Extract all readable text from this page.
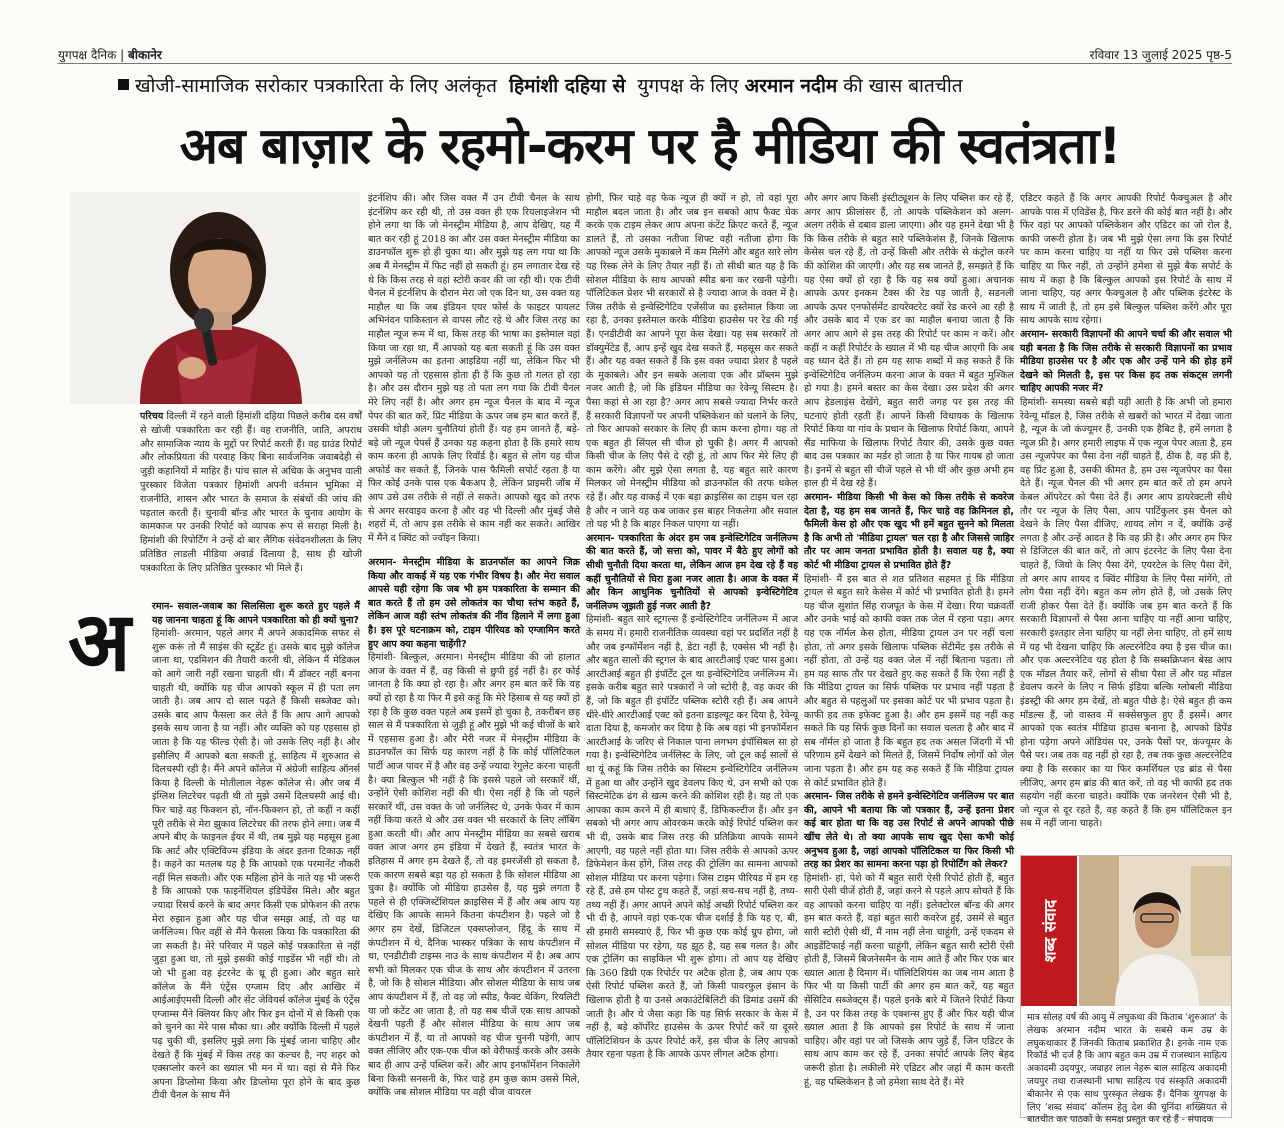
युगपक्ष दैनिक | बीकानेर	रविवार 13 जुलाई 2025 पृष्ठ-5
खोजी-सामाजिक सरोकार पत्रकारिता के लिए अलंकृत हिमांशी दहिया से युगपक्ष के लिए अरमान नदीम की खास बातचीत
अब बाज़ार के रहमो-करम पर है मीडिया की स्वतंत्रता!
परिचय दिल्ली में रहने वाली हिमांशी दहिया पिछले करीब दस वर्षों से खोजी पत्रकारिता कर रही हैं। वह राजनीति, जाति, अपराध और सामाजिक न्याय के मुद्दों पर रिपोर्ट करती हैं। वह ग्राउंड रिपोर्ट और लोकप्रियता की परवाह किए बिना सार्वजनिक जवाबदेही से जुड़ी कहानियों में माहिर हैं। पांच साल से अधिक के अनुभव वाली पुरस्कार विजेता पत्रकार हिमांशी अपनी वर्तमान भूमिका में राजनीति, शासन और भारत के समाज के संबंधों की जांच की पड़ताल करती हैं। चुनावी बॉन्ड और भारत के चुनाव आयोग के कामकाज पर उनकी रिपोर्ट को व्यापक रूप से सराहा मिली है। हिमांशी की रिपोर्टिंग ने उन्हें दो बार लैंगिक संवेदनशीलता के लिए प्रतिष्ठित लाडली मीडिया अवार्ड दिलाया है, साथ ही खोजी पत्रकारिता के लिए प्रतिष्ठित पुरस्कार भी मिले हैं।
अ	रमान- सवाल-जवाब का सिलसिला शुरू करते हुए पहले मैं यह जानना चाहता हूं कि आपने पत्रकारिता को ही क्यों चुना?

हिमांशी- अरमान, पहले अगर मैं अपने अकादमिक सफर से शुरू करूं तो मैं साइंस की स्टूडेंट हूं। उसके बाद मुझे कॉलेज जाना था, एडमिशन की तैयारी करनी थी, लेकिन मैं मेडिकल को आगे जारी नहीं रखना चाहती थी। मैं डॉक्टर नहीं बनना चाहती थी, क्योंकि यह चीज आपको स्कूल में ही पता लग जाती है। जब आप दो साल पढ़ते हैं किसी सब्जेक्ट को। उसके बाद आप फैसला कर लेते हैं कि आप आगे आपको इसके साथ जाना है या नहीं। और व्यक्ति को यह एहसास हो जाता है कि यह फील्ड ऐसी है। जो उसके लिए नहीं है। और इसीलिए मैं आपको बता सकती हूं, साहित्य में शुरुआत से दिलचस्पी रही है। मैंने अपने कॉलेज में अंग्रेजी साहित्य ऑनर्स किया है दिल्ली के मोतीलाल नेहरू कॉलेज से। और जब मैं इंग्लिश लिटरेचर पढ़ती थी तो मुझे उसमें दिलचस्पी आई थी। फिर चाहे वह फिक्शन हो, नॉन-फिक्शन हो, तो कहीं न कहीं पूरी तरीके से मेरा झुकाव लिटरेचर की तरफ होने लगा। जब मैं अपने बीए के फाइनल ईयर में थी, तब मुझे यह महसूस हुआ कि आर्ट और एक्टिविज्म इंडिया के अंदर इतना टिकाऊ नहीं है। कहने का मतलब यह है कि आपको एक परमानेंट नौकरी नहीं मिल सकती। और एक महिला होने के नाते यह भी जरूरी है कि आपको एक फाइनेंशियल इंडिपेंडेंस मिले। और बहुत ज्यादा रिसर्च करने के बाद अगर किसी एक प्रोफेशन की तरफ मेरा रुझान हुआ और यह चीज समझ आई, तो वह था जर्नलिज्म। फिर वहीं से मैंने फैसला किया कि पत्रकारिता की जा सकती है। मेरे परिवार में पहले कोई पत्रकारिता से नहीं जुड़ा हुआ था, तो मुझे इसकी कोई गाइडेंस भी नहीं थी। तो जो भी हुआ वह इंटरनेट के थ्रू ही हुआ। और बहुत सारे कॉलेज के मैंने एंट्रेंस एग्जाम दिए और आखिर में आईआईएमसी दिल्ली और सेंट जेवियर्स कॉलेज मुंबई के एंट्रेंस एग्जाम्स मैंने क्लियर किए और फिर इन दोनों में से किसी एक को चुनने का मेरे पास मौका था। और क्योंकि दिल्ली में पहले पढ़ चुकी थी, इसलिए मुझे लगा कि मुंबई जाना चाहिए और देखते हैं कि मुंबई में किस तरह का कल्चर है, नए शहर को एक्सप्लोर करने का ख्याल भी मन में था। वहां से मैंने फिर अपना डिप्लोमा किया और डिप्लोमा पूरा होने के बाद कुछ टीवी चैनल के साथ मैंने

इंटर्नशिप की। और जिस वक्त मैं उन टीवी चैनल के साथ इंटर्नशिप कर रही थी, तो उस वक्त ही एक रियलाइजेशन भी होने लगा था कि जो मेनस्ट्रीम मीडिया है, आप देखिए, यह मैं बात कर रही हूं 2018 का और उस वक्त मेनस्ट्रीम मीडिया का डाउनफॉल शुरू हो ही चुका था। और मुझे यह लग गया था कि अब मैं मेनस्ट्रीम में फिट नहीं हो सकती हूं। हम लगातार देख रहे थे कि किस तरह से वहां स्टोरी कवर की जा रही थी। एक टीवी चैनल में इंटर्नशिप के दौरान मेरा जो एक दिन था, उस वक्त यह माहौल था कि जब इंडियन एयर फोर्स के फाइटर पायलट अभिनंदन पाकिस्तान से वापस लौट रहे थे और जिस तरह का माहौल न्यूज रूम में था, किस तरह की भाषा का इस्तेमाल वहां किया जा रहा था, मैं आपको यह बता सकती हूं कि उस वक्त मुझे जर्नलिज्म का इतना आइडिया नहीं था, लेकिन फिर भी आपको यह तो एहसास होता ही है कि कुछ तो गलत हो रहा है। और उस दौरान मुझे यह तो पता लग गया कि टीवी चैनल मेरे लिए नहीं है। और अगर हम न्यूज चैनल के बाद में न्यूज पेपर की बात करें, प्रिंट मीडिया के ऊपर जब हम बात करते हैं, उसकी थोड़ी अलग चुनौतियां होती हैं। यह हम जानते हैं, बड़े-बड़े जो न्यूज पेपर्स हैं उनका यह कहना होता है कि हमारे साथ काम करना ही आपके लिए रिवॉर्ड है। बहुत से लोग यह चीज अफोर्ड कर सकते हैं, जिनके पास फैमिली सपोर्ट रहता है या फिर कोई उनके पास एक बैकअप है, लेकिन प्राइमरी जॉब में आप उसे उस तरीके से नहीं ले सकते। आपको खुद को तरफ से अगर सरवाइव करना है और वह भी दिल्ली और मुंबई जैसे शहरों में, तो आप इस तरीके से काम नहीं कर सकते। आखिर में मैंने द क्विंट को ज्वॉइन किया।

अरमान- मेनस्ट्रीम मीडिया के डाउनफॉल का आपने जिक्र किया और वाकई में यह एक गंभीर विषय है। और मेरा सवाल आपसे यही रहेगा कि जब भी हम पत्रकारिता के सम्मान की बात करते हैं तो हम उसे लोकतंत्र का चौथा स्तंभ कहते हैं, लेकिन आज वही स्तंभ लोकतंत्र की नींव हिलाने में लगा हुआ है। इस पूरे घटनाक्रम को, टाइम पीरियड को एग्जामिन करते हुए आप क्या कहना चाहेंगी?

हिमांशी- बिल्कुल, अरमान। मेनस्ट्रीम मीडिया की जो हालात आज के वक्त में हैं, वह किसी से छुपी हुई नहीं है। हर कोई जानता है कि क्या हो रहा है। और अगर हम बात करें कि यह क्यों हो रहा है या फिर मैं इसे कहूं कि मेरे हिसाब से यह क्यों हो रहा है कि कुछ वक्त पहले अब इसमें हो चुका है, तकरीबन छह साल से मैं पत्रकारिता से जुड़ी हूं और मुझे भी कई चीजों के बारे में एहसास हुआ है। और मेरी नजर में मेनस्ट्रीम मीडिया के डाउनफॉल का सिर्फ यह कारण नहीं है कि कोई पॉलिटिकल पार्टी आज पावर में है और वह उन्हें ज्यादा रेगुलेट करना चाहती है। क्या बिल्कुल भी नहीं है कि इससे पहले जो सरकारें थीं, उन्होंने ऐसी कोशिश नहीं की थी। ऐसा नहीं है कि जो पहले सरकारें थीं, उस वक्त के जो जर्नलिस्ट थे, उनके फेवर में काम नहीं किया करते थे और उस वक्त भी सरकारों के लिए लॉबिंग हुआ करती थी। और आप मेनस्ट्रीम मीडिया का सबसे खराब वक्त आज अगर हम इंडिया में देखते हैं, स्वतंत्र भारत के इतिहास में अगर हम देखते हैं, तो वह इमरजेंसी हो सकता है, एक कारण सबसे बड़ा यह हो सकता है कि सोशल मीडिया आ चुका है। क्योंकि जो मीडिया हाउसेस हैं, यह मुझे लगता है पहले से ही एक्जिस्टेंशियल क्राइसिस में हैं और अब आप यह देखिए कि आपके सामने कितना कंपटीशन है। पहले जो है अगर हम देखें, डिजिटल एक्सप्लोजन, हिंदू के साथ में कंपटीशन में थे, दैनिक भास्कर पत्रिका के साथ कंपटीशन में था, एनडीटीवी टाइम्स नाउ के साथ कंपटीशन में है। अब आप सभी को मिलकर एक चीज के साथ और कंपटीशन में उतरना है, जो कि है सोशल मीडिया। और सोशल मीडिया के साथ जब आप कंपटीशन में हैं, तो वह जो स्पीड, फैक्ट चेकिंग, रियलिटी या जो कंटेंट आ जाता है, तो यह सब चीजें एक साथ आपको देखनी पड़ती हैं और सोशल मीडिया के साथ आप जब कंपटीशन में हैं, या तो आपको वह चीज चुननी पड़ेगी, आप वक्त लीजिए और एक-एक चीज को वेरीफाई करके और उसके बाद ही आप उन्हें पब्लिश करें। और आप इनफॉर्मेशन निकालेंगे बिना किसी सनसनी के, फिर चाहे हम कुछ काम उससे मिले, क्योंकि जब सोशल मीडिया पर वही चीज वायरल

होगी, फिर चाहे वह फेक न्यूज ही क्यों न हो, तो वहां पूरा माहौल बदल जाता है। और जब इन सबको आप फैक्ट चेक करके एक टाइम लेकर आप अपना कंटेंट क्रिएट करते हैं, न्यूज डालते हैं, तो उसका नतीजा शिफ्ट वही नतीजा होगा कि आपको न्यूज उसके मुकाबले में कम मिलेंगे और बहुत सारे लोग यह रिस्क लेने के लिए तैयार नहीं हैं। तो सीधी बात यह है कि सोशल मीडिया के साथ आपको स्पीड बना कर रखनी पड़ेगी। पॉलिटिकल प्रेशर भी सरकारों से है ज्यादा आज के वक्त में है। जिस तरीके से इन्वेस्टिगेटिव एजेंसीज का इस्तेमाल किया जा रहा है, उनका इस्तेमाल करके मीडिया हाउसेस पर रेड की गई हैं। एनडीटीवी का आपने पूरा केस देखा। यह सब सरकारें तो डॉक्युमेंटेड हैं, आप इन्हें खुद देख सकते हैं, महसूस कर सकते हैं। और यह वक्त सकते हैं कि इस वक्त ज्यादा प्रेशर है पहले के मुकाबले। और इन सबके अलावा एक और प्रॉब्लम मुझे नजर आती है, जो कि इंडियन मीडिया का रेवेन्यू सिस्टम है। पैसा कहां से आ रहा है? अगर आप सबसे ज्यादा निर्भर करते हैं सरकारी विज्ञापनों पर अपनी पब्लिकेशन को चलाने के लिए, तो फिर आपको सरकार के लिए ही काम करना होगा। यह तो एक बहुत ही सिंपल सी चीज हो चुकी है। अगर मैं आपको किसी चीज के लिए पैसे दे रही हूं, तो आप फिर मेरे लिए ही काम करेंगे। और मुझे ऐसा लगता है, यह बहुत सारे कारण मिलकर जो मेनस्ट्रीम मीडिया को डाउनफॉल की तरफ धकेल रहे हैं। और यह वाकई में एक बड़ा क्राइसिस का टाइम चल रहा है और न जाने यह कब जाकर इस बाहर निकलेगा और सवाल तो यह भी है कि बाहर निकल पाएगा या नहीं।

अरमान- पत्रकारिता के अंदर हम जब इन्वेस्टिगेटिव जर्नलिज्म की बात करते हैं, जो सत्ता को, पावर में बैठे हुए लोगों को सीधी चुनौती दिया करता था, लेकिन आज हम देख रहे हैं वह कहीं चुनौतियों से घिरा हुआ नजर आता है। आज के वक्त में और किन आधुनिक चुनौतियों से आपको इन्वेस्टिगेटिव जर्नलिज्म जूझती हुई नजर आती है?

हिमांशी- बहुत सारे स्ट्रगल्स हैं इन्वेस्टिगेटिव जर्नलिज्म में आज के समय में। हमारी राजनीतिक व्यवस्था वहां पर प्रदर्शित नहीं है और जब इन्फॉर्मेशन नहीं है, डेटा नहीं है, एक्सेस भी नहीं है। और बहुत सालों की स्ट्रगल के बाद आरटीआई एक्ट पास हुआ। आरटीआई बहुत ही इंपॉर्टेंट टूल था इन्वेस्टिगेटिव जर्नलिज्म में। इसके करीब बहुत सारे पत्रकारों ने जो स्टोरी है, वह कवर की हैं, जो कि बहुत ही इंपॉर्टेंट पब्लिक स्टोरी रही हैं। अब आपने धीरे-धीरे आरटीआई एक्ट को इतना डाइल्यूट कर दिया है, रेवेन्यू दाता दिया है, कमजोर कर दिया है कि अब वहां भी इनफॉर्मेशन आरटीआई के जरिए से निकाल पाना लगभग इंपॉसिबल सा हो गया है। इन्वेस्टिगेटिव जर्नलिस्ट के लिए, जो टूल कई सालों से था यूं कहूं कि जिस तरीके का सिस्टम इन्वेस्टिगेटिव जर्नलिज्म में हुआ था और उन्होंने खुद डेवलप किए थे, उन सभी को एक सिस्टमेटिक ढंग से खत्म करने की कोशिश रही है। यह तो एक आपका काम करने में ही बाधाएं हैं, डिफिकल्टीज हैं। और इन सबको भी अगर आप ओवरकम करके कोई रिपोर्ट पब्लिश कर भी दी, उसके बाद जिस तरह की प्रतिक्रिया आपके सामने आएगी, वह पहले नहीं होता था। जिस तरीके से आपको ऊपर डिफेमेशन केस होंगे, जिस तरह की ट्रोलिंग का सामना आपको सोशल मीडिया पर करना पड़ेगा। जिस टाइम पीरियड में हम रह रहे हैं, उसे हम पोस्ट ट्रुथ कहते हैं, जहां सच-सच नहीं है, तथ्य-तथ्य नहीं हैं। अगर आपने अपने कोई अच्छी रिपोर्ट पब्लिश कर भी दी है, आपने वहां एक-एक चीज दर्शाई है कि यह ए, बी, सी हमारी समस्याएं हैं, फिर भी कुछ एक कोई ग्रुप होगा, जो सोशल मीडिया पर रहेगा, यह झूठ है, यह सब गलत है। और एक ट्रोलिंग का साइकिल भी शुरू होगा। तो आप यह देखिए कि 360 डिग्री एक रिपोर्टर पर अटैक होता है, जब आप एक ऐसी रिपोर्ट पब्लिश करते हैं, जो किसी पावरफुल इंसान के खिलाफ होती है या उनसे अकाउंटेबिलिटी की डिमांड उसमें की जाती है। और ये जैसा कहा कि यह सिर्फ सरकार के केस में नहीं है, बड़े कॉर्पोरेट हाउसेस के ऊपर रिपोर्ट करें या दूसरे पॉलिटिशियन के ऊपर रिपोर्ट करें, इस चीज के लिए आपको तैयार रहना पड़ता है कि आपके ऊपर लीगल अटैक होगा।

और अगर आप किसी इंस्टीट्यूशन के लिए पब्लिश कर रहे हैं, अगर आप फ्रीलांसर हैं, तो आपके पब्लिकेशन को अलग-अलग तरीके से दबाव डाला जाएगा। और यह हमने देखा भी है कि किस तरीके से बहुत सारे पब्लिकेशंस हैं, जिनके खिलाफ केसेस चल रहे हैं, तो उन्हें किसी और तरीके से कंट्रोल करने की कोशिश की जाएगी। और यह सब जानते हैं, समझते हैं कि यह ऐसा क्यों हो रहा है कि यह सब क्यों हुआ। अचानक आपके ऊपर इनकम टैक्स की रेड पड़ जाती है, सडनली आपके ऊपर एनफोर्समेंट डायरेक्टरेट क्यों रेड करने आ रही है और उसके बाद में एक डर का माहौल बनाया जाता है कि अगर आप आगे से इस तरह की रिपोर्ट पर काम न करें। और कहीं न कहीं रिपोर्टर के ख्याल में भी यह चीज आएगी कि अब वह ध्यान देते हैं। तो हम यह साफ शब्दों में कह सकते हैं कि इन्वेस्टिगेटिव जर्नलिज्म करना आज के वक्त में बहुत मुश्किल हो गया है। हमने बस्तर का केस देखा। उस प्रदेश की अगर आप हेडलाइंस देखेंगे, बहुत सारी जगह पर इस तरह की घटनाएं होती रहती हैं। आपने किसी विधायक के खिलाफ रिपोर्ट किया या गांव के प्रधान के खिलाफ रिपोर्ट किया, आपने सैंड माफिया के खिलाफ रिपोर्ट तैयार की, उसके कुछ वक्त बाद उस पत्रकार का मर्डर हो जाता है या फिर गायब हो जाता है। इनमें से बहुत सी चीजें पहले से भी थीं और कुछ अभी हम हाल ही में देख रहे हैं।

अरमान- मीडिया किसी भी केस को किस तरीके से कवरेज देता है, यह हम सब जानते हैं, फिर चाहे वह क्रिमिनल हो, फैमिली केस हो और एक खुद भी हमें बहुत सुनने को मिलता है कि अभी तो 'मीडिया ट्रायल' चल रहा है और जिससे जाहिर तौर पर आम जनता प्रभावित होती है। सवाल यह है, क्या कोर्ट भी मीडिया ट्रायल से प्रभावित होते हैं?

हिमांशी- मैं इस बात से शत प्रतिशत सहमत हूं कि मीडिया ट्रायल से बहुत सारे केसेस में कोर्ट भी प्रभावित होती है। हमने यह चीज सुशांत सिंह राजपूत के केस में देखा। रिया चक्रवर्ती और उनके भाई को काफी वक्त तक जेल में रहना पड़ा। अगर यह एक नॉर्मल केस होता, मीडिया ट्रायल उन पर नहीं चला होता, तो अगर इसके खिलाफ पब्लिक सेंटीमेंट इस तरीके से नहीं होता, तो उन्हें यह वक्त जेल में नहीं बिताना पड़ता। तो हम यह साफ तौर पर देखते हुए कह सकते हैं कि ऐसा नहीं है कि मीडिया ट्रायल का सिर्फ पब्लिक पर प्रभाव नहीं पड़ता है और बहुत से पहलुओं पर इसका कोर्ट पर भी प्रभाव पड़ता है। काफी हद तक इफेक्ट हुआ है। और हम इसमें यह नहीं कह सकते कि यह सिर्फ कुछ दिनों का सवाल चलता है और बाद में सब नॉर्मल हो जाता है कि बहुत हद तक असल जिंदगी में भी परिणाम हमें देखने को मिलते हैं, जिसमें निर्दोष लोगों को जेल जाना पड़ता है। और हम यह कह सकते हैं कि मीडिया ट्रायल से कोर्ट प्रभावित होते हैं।

अरमान- जिस तरीके से हमने इन्वेस्टिगेटिव जर्नलिज्म पर बात की, आपने भी बताया कि जो पत्रकार हैं, उन्हें इतना प्रेशर कई बार होता था कि वह उस रिपोर्ट से अपने आपको पीछे खींच लेते थे। तो क्या आपके साथ खुद ऐसा कभी कोई अनुभव हुआ है, जहां आपको पॉलिटिकल या फिर किसी भी तरह का प्रेशर का सामना करना पड़ा हो रिपोर्टिंग को लेकर?

हिमांशी- हां, पेशे को मैं बहुत सारी ऐसी रिपोर्ट होती हैं, बहुत सारी ऐसी चीजें होती हैं, जहां करने से पहले आप सोचते हैं कि वह आपको करना चाहिए या नहीं। इलेक्टोरल बॉन्ड की अगर हम बात करते हैं, वहां बहुत सारी कवरेज हुई, उसमें से बहुत सारी स्टोरी ऐसी थीं, मैं नाम नहीं लेना चाहूंगी, उन्हें एकदम से आइडेंटिफाई नहीं करना चाहूंगी, लेकिन बहुत सारी स्टोरी ऐसी होती हैं, जिसमें बिजनेसमैन के नाम आते हैं और फिर एक बार ख्याल आता है दिमाग में। पॉलिटिशियंस का जब नाम आता है फिर भी या किसी पार्टी की अगर हम बात करें, यह बहुत सेंसिटिव सब्जेक्ट्स हैं। पहले इनके बारे में जितने रिपोर्ट किया है, उन पर किस तरह के एक्शन्स हुए हैं और फिर यही चीज ख्याल आता है कि आपको इस रिपोर्ट के साथ में जाना चाहिए। और वहां पर जो जिसके आप जुड़े हैं, जिन एडिटर के साथ आप काम कर रहे हैं, उनका सपोर्ट आपके लिए बेहद जरूरी होता है। लकीली मेरे एडिटर और जहां मैं काम करती हूं, वह पब्लिकेशन है जो हमेशा साथ देते हैं। मेरे

एडिटर कहते हैं कि अगर आपकी रिपोर्ट फैक्चुअल है और आपके पास में एविडेंस है, फिर डरने की कोई बात नहीं है। और फिर वहां पर आपको पब्लिकेशन और एडिटर का जो रोल है, काफी जरूरी होता है। जब भी मुझे ऐसा लगा कि इस रिपोर्ट पर काम करना चाहिए या नहीं या फिर उसे पब्लिश करना चाहिए या फिर नहीं, तो उन्होंने हमेशा से मुझे बैक सपोर्ट के साथ में कहा है कि बिल्कुल आपको इस रिपोर्ट के साथ में जाना चाहिए, यह अगर फैक्चुअल है और पब्लिक इंटरेस्ट के साथ में जाती है, तो हम इसे बिल्कुल पब्लिश करेंगे और पूरा साथ आपके साथ रहेगा।

अरमान- सरकारी विज्ञापनों की आपने चर्चा की और सवाल भी यही बनता है कि जिस तरीके से सरकारी विज्ञापनों का प्रभाव मीडिया हाउसेस पर है और एक और उन्हें पाने की होड़ हमें देखने को मिलती है, इस पर किस हद तक संकट्स लगनी चाहिए आपकी नजर में?

हिमांशी- समस्या सबसे बड़ी यही आती है कि अभी जो हमारा रेवेन्यू मॉडल है, जिस तरीके से खबरों को भारत में देखा जाता है, न्यूज के जो कंज्यूमर हैं, उनकी एक हैबिट है, हमें लगता है न्यूज फ्री है। अगर हमारी लाइफ में एक न्यूज पेपर आता है, हम उस न्यूजपेपर का पैसा देना नहीं चाहते हैं, ठीक है, वह फ्री है, वह प्रिंट हुआ है, उसकी कीमत है, हम उस न्यूजपेपर का पैसा देते हैं। न्यूज चैनल की भी अगर हम बात करें तो हम अपने केबल ऑपरेटर को पैसा देते हैं। अगर आप डायरेक्टली सीधे तौर पर न्यूज के लिए पैसा, आप पार्टिकुलर इस चैनल को देखने के लिए पैसा दीजिए, शायद लोग न दें, क्योंकि उन्हें लगता है और उन्हें आदत है कि वह फ्री है। और अगर हम फिर से डिजिटल की बात करें, तो आप इंटरनेट के लिए पैसा देना चाहते हैं, जियो के लिए पैसा देंगे, एयरटेल के लिए पैसा देंगे, तो अगर आप शायद द क्विंट मीडिया के लिए पैसा मांगेंगे, तो लोग पैसा नहीं देंगे। बहुत कम लोग होते हैं, जो उसके लिए राजी होकर पैसा देते हैं। क्योंकि जब हम बात करते हैं कि सरकारी विज्ञापनों से पैसा आना चाहिए या नहीं आना चाहिए, सरकारी इश्तहार लेना चाहिए या नहीं लेना चाहिए, तो हमें साथ में यह भी देखना चाहिए कि अल्टरनेटिव क्या है इस चीज का। और एक अल्टरनेटिव यह होता है कि सब्सक्रिप्शन बेस्ड आप एक मॉडल तैयार करें, लोगों से सीधा पैसा लें और यह मॉडल डेवलप करने के लिए न सिर्फ इंडिया बल्कि ग्लोबली मीडिया इंडस्ट्री की अगर हम देखें, तो बहुत पीछे है। ऐसे बहुत ही कम मॉडल्स हैं, जो वास्तव में सक्सेसफुल हुए हैं इसमें। अगर आपको एक स्वतंत्र मीडिया हाउस बनाना है, आपको डिपेंड होना पड़ेगा अपने ऑडियंस पर, उनके पैसों पर, कंज्यूमर के पैसे पर। जब तक वह नहीं हो रहा है, तब तक कुछ अल्टरनेटिव क्या है कि सरकार का या फिर कमर्शियल एड ब्रांड से पैसा लीजिए, अगर हम ब्रांड की बात करें, तो वह भी काफी हद तक सहयोग नहीं करना चाहते। क्योंकि एक जनरेशन ऐसी भी है, जो न्यूज से दूर रहते हैं, वह कहते हैं कि हम पॉलिटिकल इन सब में नहीं जाना चाहते।

शब्द संवाद
मात्र सोलह वर्ष की आयु में लघुकथा की किताब 'शुरुआत' के लेखक अरमान नदीम भारत के सबसे कम उम्र के लघुकथाकार हैं जिनकी किताब प्रकाशित है। इनके नाम एक रिकॉर्ड भी दर्ज है कि आप बहुत कम उम्र में राजस्थान साहित्य अकादमी उदयपुर, जवाहर लाल नेहरू बाल साहित्य अकादमी जयपुर तथा राजस्थानी भाषा साहित्य एवं संस्कृति अकादमी बीकानेर से एक साथ पुरस्कृत लेखक हैं। दैनिक युगपक्ष के लिए 'शब्द संवाद' कॉलम हेतु देश की चुनिंदा शख्सियत से बातचीत कर पाठकों के समक्ष प्रस्तुत कर रहे हैं - संपादक
